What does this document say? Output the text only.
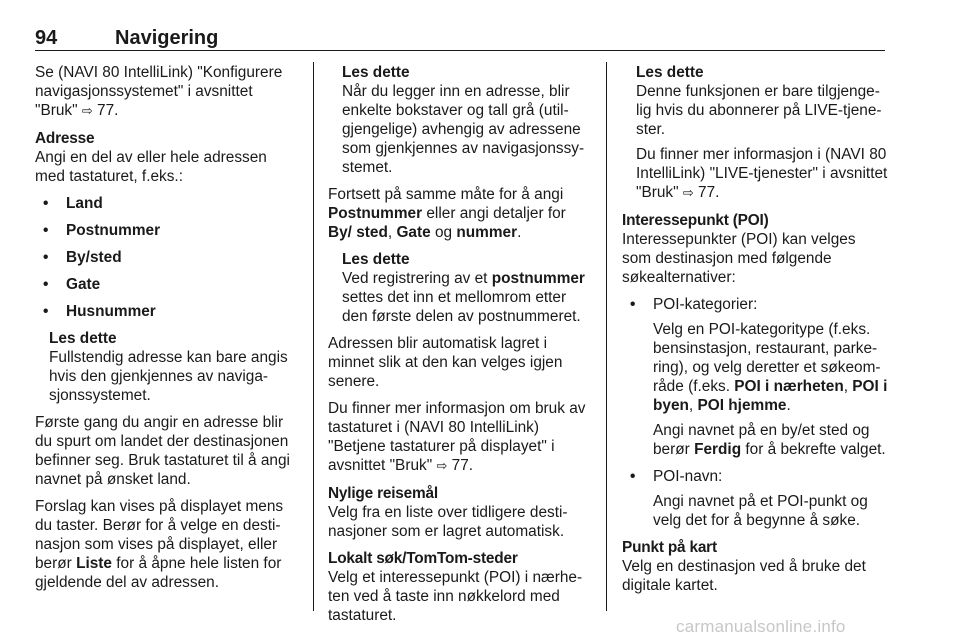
94	Navigering

Se (NAVI 80 IntelliLink) "Konfigurere navigasjonssystemet" i avsnittet "Bruk" ⇨ 77.

Adresse
Angi en del av eller hele adressen med tastaturet, f.eks.:

• Land
• Postnummer
• By/sted
• Gate
• Husnummer

Les dette
Fullstendig adresse kan bare angis hvis den gjenkjennes av navigasjonssystemet.

Første gang du angir en adresse blir du spurt om landet der destinasjonen befinner seg. Bruk tastaturet til å angi navnet på ønsket land.

Forslag kan vises på displayet mens du taster. Berør for å velge en destinasjon som vises på displayet, eller berør Liste for å åpne hele listen for gjeldende del av adressen.

Les dette
Når du legger inn en adresse, blir enkelte bokstaver og tall grå (utilgjengelige) avhengig av adressene som gjenkjennes av navigasjonssystemet.

Fortsett på samme måte for å angi Postnummer eller angi detaljer for By/ sted, Gate og nummer.

Les dette
Ved registrering av et postnummer settes det inn et mellomrom etter den første delen av postnummeret.

Adressen blir automatisk lagret i minnet slik at den kan velges igjen senere.

Du finner mer informasjon om bruk av tastaturet i (NAVI 80 IntelliLink) "Betjene tastaturer på displayet" i avsnittet "Bruk" ⇨ 77.

Nylige reisemål
Velg fra en liste over tidligere destinasjoner som er lagret automatisk.

Lokalt søk/TomTom-steder
Velg et interessepunkt (POI) i nærheten ved å taste inn nøkkelord med tastaturet.

Les dette
Denne funksjonen er bare tilgjengelig hvis du abonnerer på LIVE-tjenester.

Du finner mer informasjon i (NAVI 80 IntelliLink) "LIVE-tjenester" i avsnittet "Bruk" ⇨ 77.

Interessepunkt (POI)
Interessepunkter (POI) kan velges som destinasjon med følgende søkealternativer:

• POI-kategorier:
Velg en POI-kategoritype (f.eks. bensinstasjon, restaurant, parkering), og velg deretter et søkeområde (f.eks. POI i nærheten, POI i byen, POI hjemme.
Angi navnet på en by/et sted og berør Ferdig for å bekrefte valget.
• POI-navn:
Angi navnet på et POI-punkt og velg det for å begynne å søke.

Punkt på kart
Velg en destinasjon ved å bruke det digitale kartet.

carmanualsonline.info
